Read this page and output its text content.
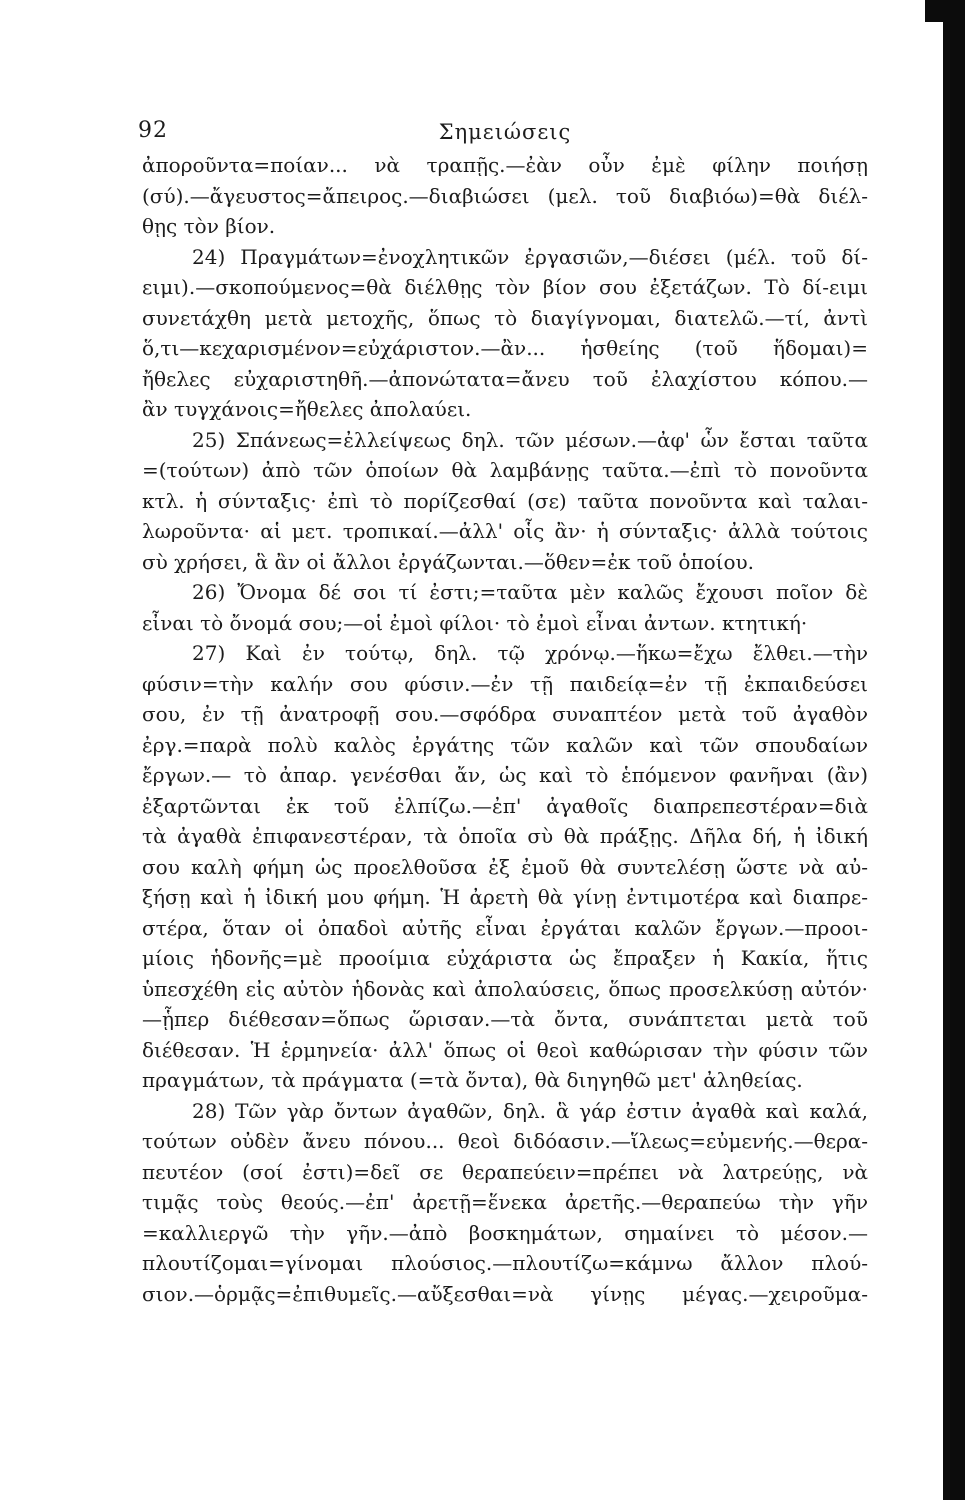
92	Σημειώσεις
ἀποροῦντα=ποίαν... νὰ τραπῇς.—ἐὰν οὖν ἐμὲ φίλην ποιήσῃ
(σύ).—ἄγευστος=ἄπειρος.—διαβιώσει (μελ. τοῦ διαβιόω)=θὰ διέλ-
θῃς τὸν βίον.
24) Πραγμάτων=ἐνοχλητικῶν ἐργασιῶν,—διέσει (μέλ. τοῦ δί-
ειμι).—σκοπούμενος=θὰ διέλθῃς τὸν βίον σου ἐξετάζων. Τὸ δί-ειμι
συνετάχθη μετὰ μετοχῆς, ὅπως τὸ διαγίγνομαι, διατελῶ.—τί, ἀντὶ
ὅ,τι—κεχαρισμένον=εὐχάριστον.—ἂν... ἡσθείης (τοῦ ἥδομαι)=
ἤθελες εὐχαριστηθῆ.—ἀπονώτατα=ἄνευ τοῦ ἐλαχίστου κόπου.—
ἂν τυγχάνοις=ἤθελες ἀπολαύει.
25) Σπάνεως=ἐλλείψεως δηλ. τῶν μέσων.—ἀφ' ὧν ἔσται ταῦτα
=(τούτων) ἀπὸ τῶν ὁποίων θὰ λαμβάνῃς ταῦτα.—ἐπὶ τὸ πονοῦντα
κτλ. ἡ σύνταξις· ἐπὶ τὸ πορίζεσθαί (σε) ταῦτα πονοῦντα καὶ ταλαι-
λωροῦντα· αἱ μετ. τροπικαί.—ἀλλ' οἷς ἂν· ἡ σύνταξις· ἀλλὰ τούτοις
σὺ χρήσει, ἃ ἂν οἱ ἄλλοι ἐργάζωνται.—ὅθεν=ἐκ τοῦ ὁποίου.
26) Ὄνομα δέ σοι τί ἐστι;=ταῦτα μὲν καλῶς ἔχουσι ποῖον δὲ
εἶναι τὸ ὄνομά σου;—οἱ ἐμοὶ φίλοι· τὸ ἐμοὶ εἶναι ἀντων. κτητική·
27) Καὶ ἐν τούτῳ, δηλ. τῷ χρόνῳ.—ἥκω=ἔχω ἔλθει.—τὴν
φύσιν=τὴν καλήν σου φύσιν.—ἐν τῇ παιδείᾳ=ἐν τῇ ἐκπαιδεύσει
σου, ἐν τῇ ἀνατροφῇ σου.—σφόδρα συναπτέον μετὰ τοῦ ἀγαθὸν
ἐργ.=παρὰ πολὺ καλὸς ἐργάτης τῶν καλῶν καὶ τῶν σπουδαίων
ἔργων.— τὸ ἀπαρ. γενέσθαι ἄν, ὡς καὶ τὸ ἑπόμενον φανῆναι (ἂν)
ἐξαρτῶνται ἐκ τοῦ ἐλπίζω.—ἐπ' ἀγαθοῖς διαπρεπεστέραν=διὰ
τὰ ἀγαθὰ ἐπιφανεστέραν, τὰ ὁποῖα σὺ θὰ πράξῃς. Δῆλα δή, ἡ ἰδική
σου καλὴ φήμη ὡς προελθοῦσα ἐξ ἐμοῦ θὰ συντελέσῃ ὥστε νὰ αὐ-
ξήσῃ καὶ ἡ ἰδική μου φήμη. Ἡ ἀρετὴ θὰ γίνῃ ἐντιμοτέρα καὶ διαπρε-
στέρα, ὅταν οἱ ὀπαδοὶ αὐτῆς εἶναι ἐργάται καλῶν ἔργων.—προοι-
μίοις ἡδονῆς=μὲ προοίμια εὐχάριστα ὡς ἔπραξεν ἡ Κακία, ἥτις
ὑπεσχέθη εἰς αὐτὸν ἡδονὰς καὶ ἀπολαύσεις, ὅπως προσελκύσῃ αὐτόν·
—ᾗπερ διέθεσαν=ὅπως ὥρισαν.—τὰ ὄντα, συνάπτεται μετὰ τοῦ
διέθεσαν. Ἡ ἑρμηνεία· ἀλλ' ὅπως οἱ θεοὶ καθώρισαν τὴν φύσιν τῶν
πραγμάτων, τὰ πράγματα (=τὰ ὄντα), θὰ διηγηθῶ μετ' ἀληθείας.
28) Τῶν γὰρ ὄντων ἀγαθῶν, δηλ. ἃ γάρ ἐστιν ἀγαθὰ καὶ καλά,
τούτων οὐδὲν ἄνευ πόνου... θεοὶ διδόασιν.—ἵλεως=εὐμενής.—θερα-
πευτέον (σοί ἐστι)=δεῖ σε θεραπεύειν=πρέπει νὰ λατρεύῃς, νὰ
τιμᾷς τοὺς θεούς.—ἐπ' ἀρετῇ=ἕνεκα ἀρετῆς.—θεραπεύω τὴν γῆν
=καλλιεργῶ τὴν γῆν.—ἀπὸ βοσκημάτων, σημαίνει τὸ μέσον.—
πλουτίζομαι=γίνομαι πλούσιος.—πλουτίζω=κάμνω ἄλλον πλού-
σιον.—ὁρμᾷς=ἐπιθυμεῖς.—αὔξεσθαι=νὰ γίνῃς μέγας.—χειροῦμα-
